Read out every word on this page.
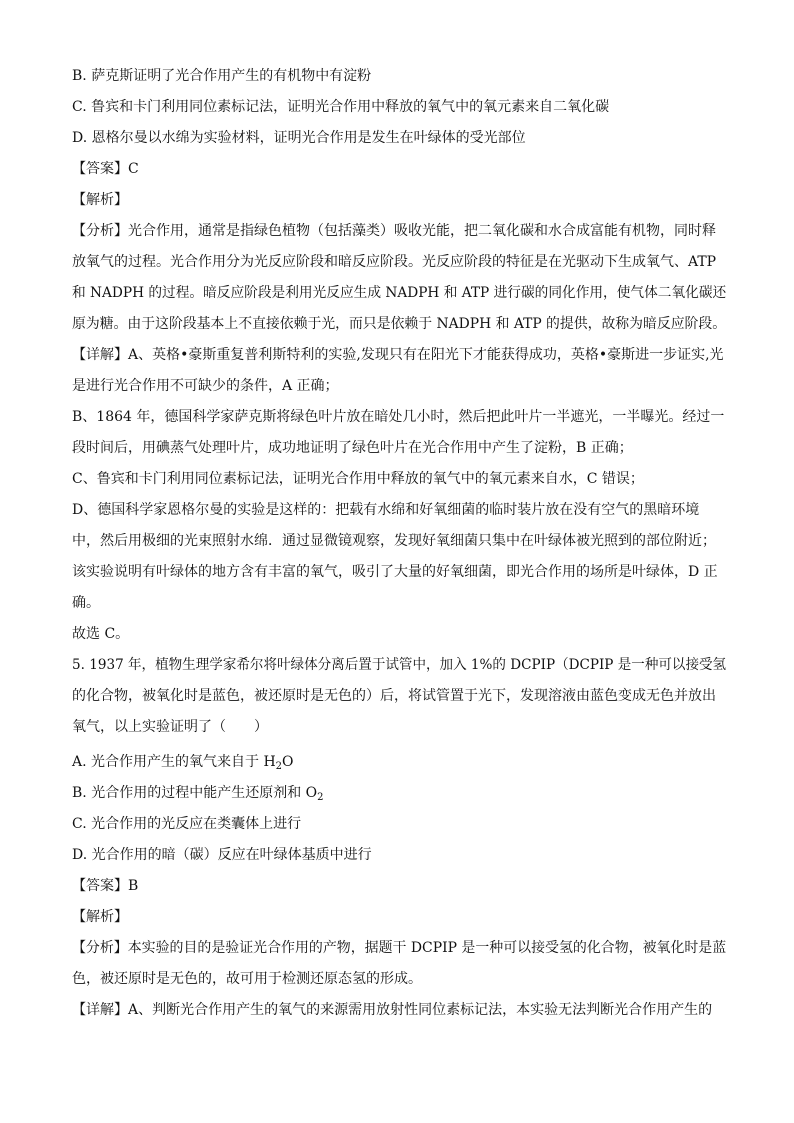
B. 萨克斯证明了光合作用产生的有机物中有淀粉
C. 鲁宾和卡门利用同位素标记法，证明光合作用中释放的氧气中的氧元素来自二氧化碳
D. 恩格尔曼以水绵为实验材料，证明光合作用是发生在叶绿体的受光部位
【答案】C
【解析】
【分析】光合作用，通常是指绿色植物（包括藻类）吸收光能，把二氧化碳和水合成富能有机物，同时释
放氧气的过程。光合作用分为光反应阶段和暗反应阶段。光反应阶段的特征是在光驱动下生成氧气、ATP
和 NADPH 的过程。暗反应阶段是利用光反应生成 NADPH 和 ATP 进行碳的同化作用，使气体二氧化碳还
原为糖。由于这阶段基本上不直接依赖于光，而只是依赖于 NADPH 和 ATP 的提供，故称为暗反应阶段。
【详解】A、英格•豪斯重复普利斯特利的实验,发现只有在阳光下才能获得成功，英格•豪斯进一步证实,光
是进行光合作用不可缺少的条件，A 正确；
B、1864 年，德国科学家萨克斯将绿色叶片放在暗处几小时，然后把此叶片一半遮光，一半曝光。经过一
段时间后，用碘蒸气处理叶片，成功地证明了绿色叶片在光合作用中产生了淀粉，B 正确；
C、鲁宾和卡门利用同位素标记法，证明光合作用中释放的氧气中的氧元素来自水，C 错误；
D、德国科学家恩格尔曼的实验是这样的：把载有水绵和好氧细菌的临时装片放在没有空气的黑暗环境
中，然后用极细的光束照射水绵．通过显微镜观察，发现好氧细菌只集中在叶绿体被光照到的部位附近；
该实验说明有叶绿体的地方含有丰富的氧气，吸引了大量的好氧细菌，即光合作用的场所是叶绿体，D 正
确。
故选 C。
5. 1937 年，植物生理学家希尔将叶绿体分离后置于试管中，加入 1%的 DCPIP（DCPIP 是一种可以接受氢
的化合物，被氧化时是蓝色，被还原时是无色的）后，将试管置于光下，发现溶液由蓝色变成无色并放出
氧气，以上实验证明了（　　）
A. 光合作用产生的氧气来自于 $H_2O$
B. 光合作用的过程中能产生还原剂和 $O_2$
C. 光合作用的光反应在类囊体上进行
D. 光合作用的暗（碳）反应在叶绿体基质中进行
【答案】B
【解析】
【分析】本实验的目的是验证光合作用的产物，据题干 DCPIP 是一种可以接受氢的化合物，被氧化时是蓝
色，被还原时是无色的，故可用于检测还原态氢的形成。
【详解】A、判断光合作用产生的氧气的来源需用放射性同位素标记法，本实验无法判断光合作用产生的
